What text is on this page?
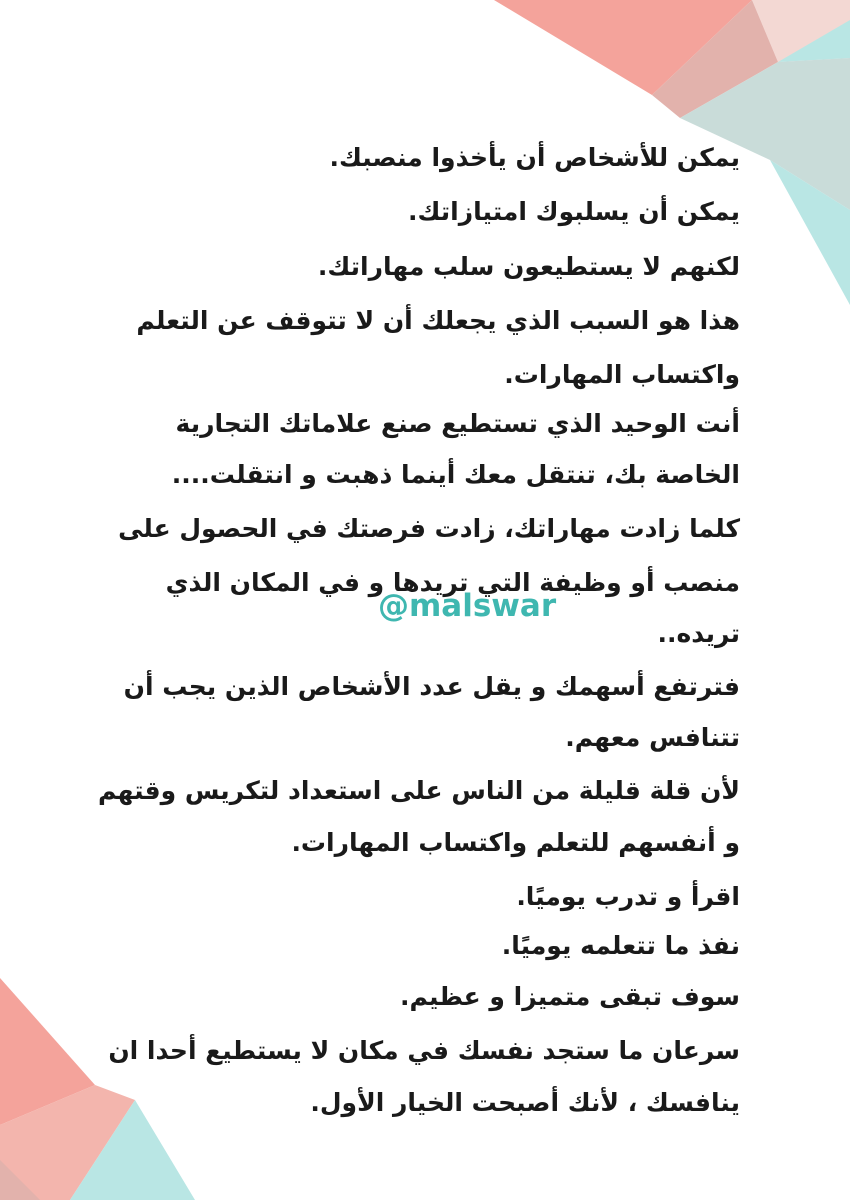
يمكن للأشخاص أن يأخذوا منصبك.
يمكن أن يسلبوك امتيازاتك.
لكنهم لا يستطيعون سلب مهاراتك.
هذا هو السبب الذي يجعلك أن لا تتوقف عن التعلم
واكتساب المهارات.
أنت الوحيد الذي تستطيع صنع علاماتك التجارية
الخاصة بك، تنتقل معك أينما ذهبت و انتقلت....
كلما زادت مهاراتك، زادت فرصتك في الحصول على
منصب أو وظيفة التي تريدها و في المكان الذي
تريده..
فترتفع أسهمك و يقل عدد الأشخاص الذين يجب أن
تتنافس معهم.
لأن قلة قليلة من الناس على استعداد لتكريس وقتهم
و أنفسهم للتعلم واكتساب المهارات.
اقرأ و تدرب يوميًا.
نفذ ما تتعلمه يوميًا.
سوف تبقى متميزا و عظيم.
سرعان ما ستجد نفسك في مكان لا يستطيع أحدا ان
ينافسك ، لأنك أصبحت الخيار الأول.
@malswar
